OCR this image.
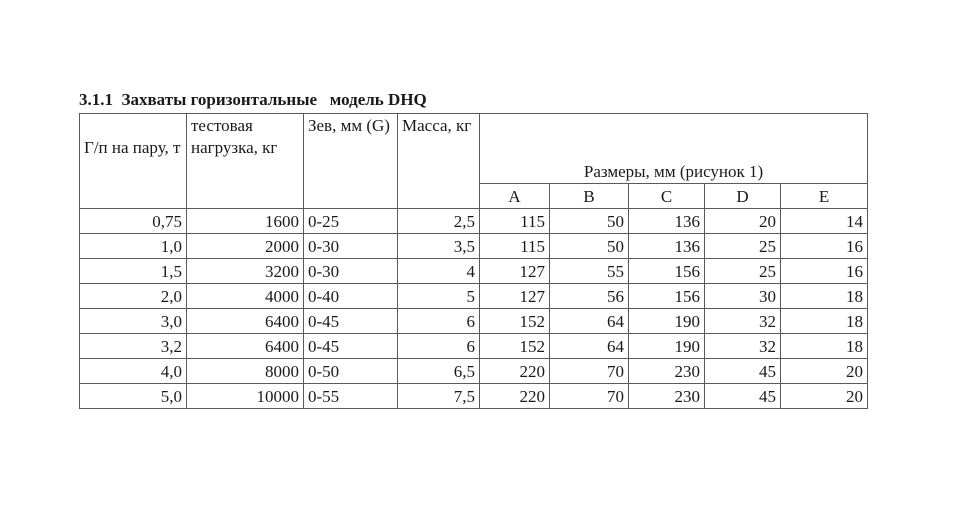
3.1.1  Захваты горизонтальные   модель DHQ
Г/п на пару, т	тестовая нагрузка, кг	Зев, мм (G)	Масса, кг	Размеры, мм (рисунок 1)				
				A	B	C	D	E
0,75	1600	0-25	2,5	115	50	136	20	14
1,0	2000	0-30	3,5	115	50	136	25	16
1,5	3200	0-30	4	127	55	156	25	16
2,0	4000	0-40	5	127	56	156	30	18
3,0	6400	0-45	6	152	64	190	32	18
3,2	6400	0-45	6	152	64	190	32	18
4,0	8000	0-50	6,5	220	70	230	45	20
5,0	10000	0-55	7,5	220	70	230	45	20
